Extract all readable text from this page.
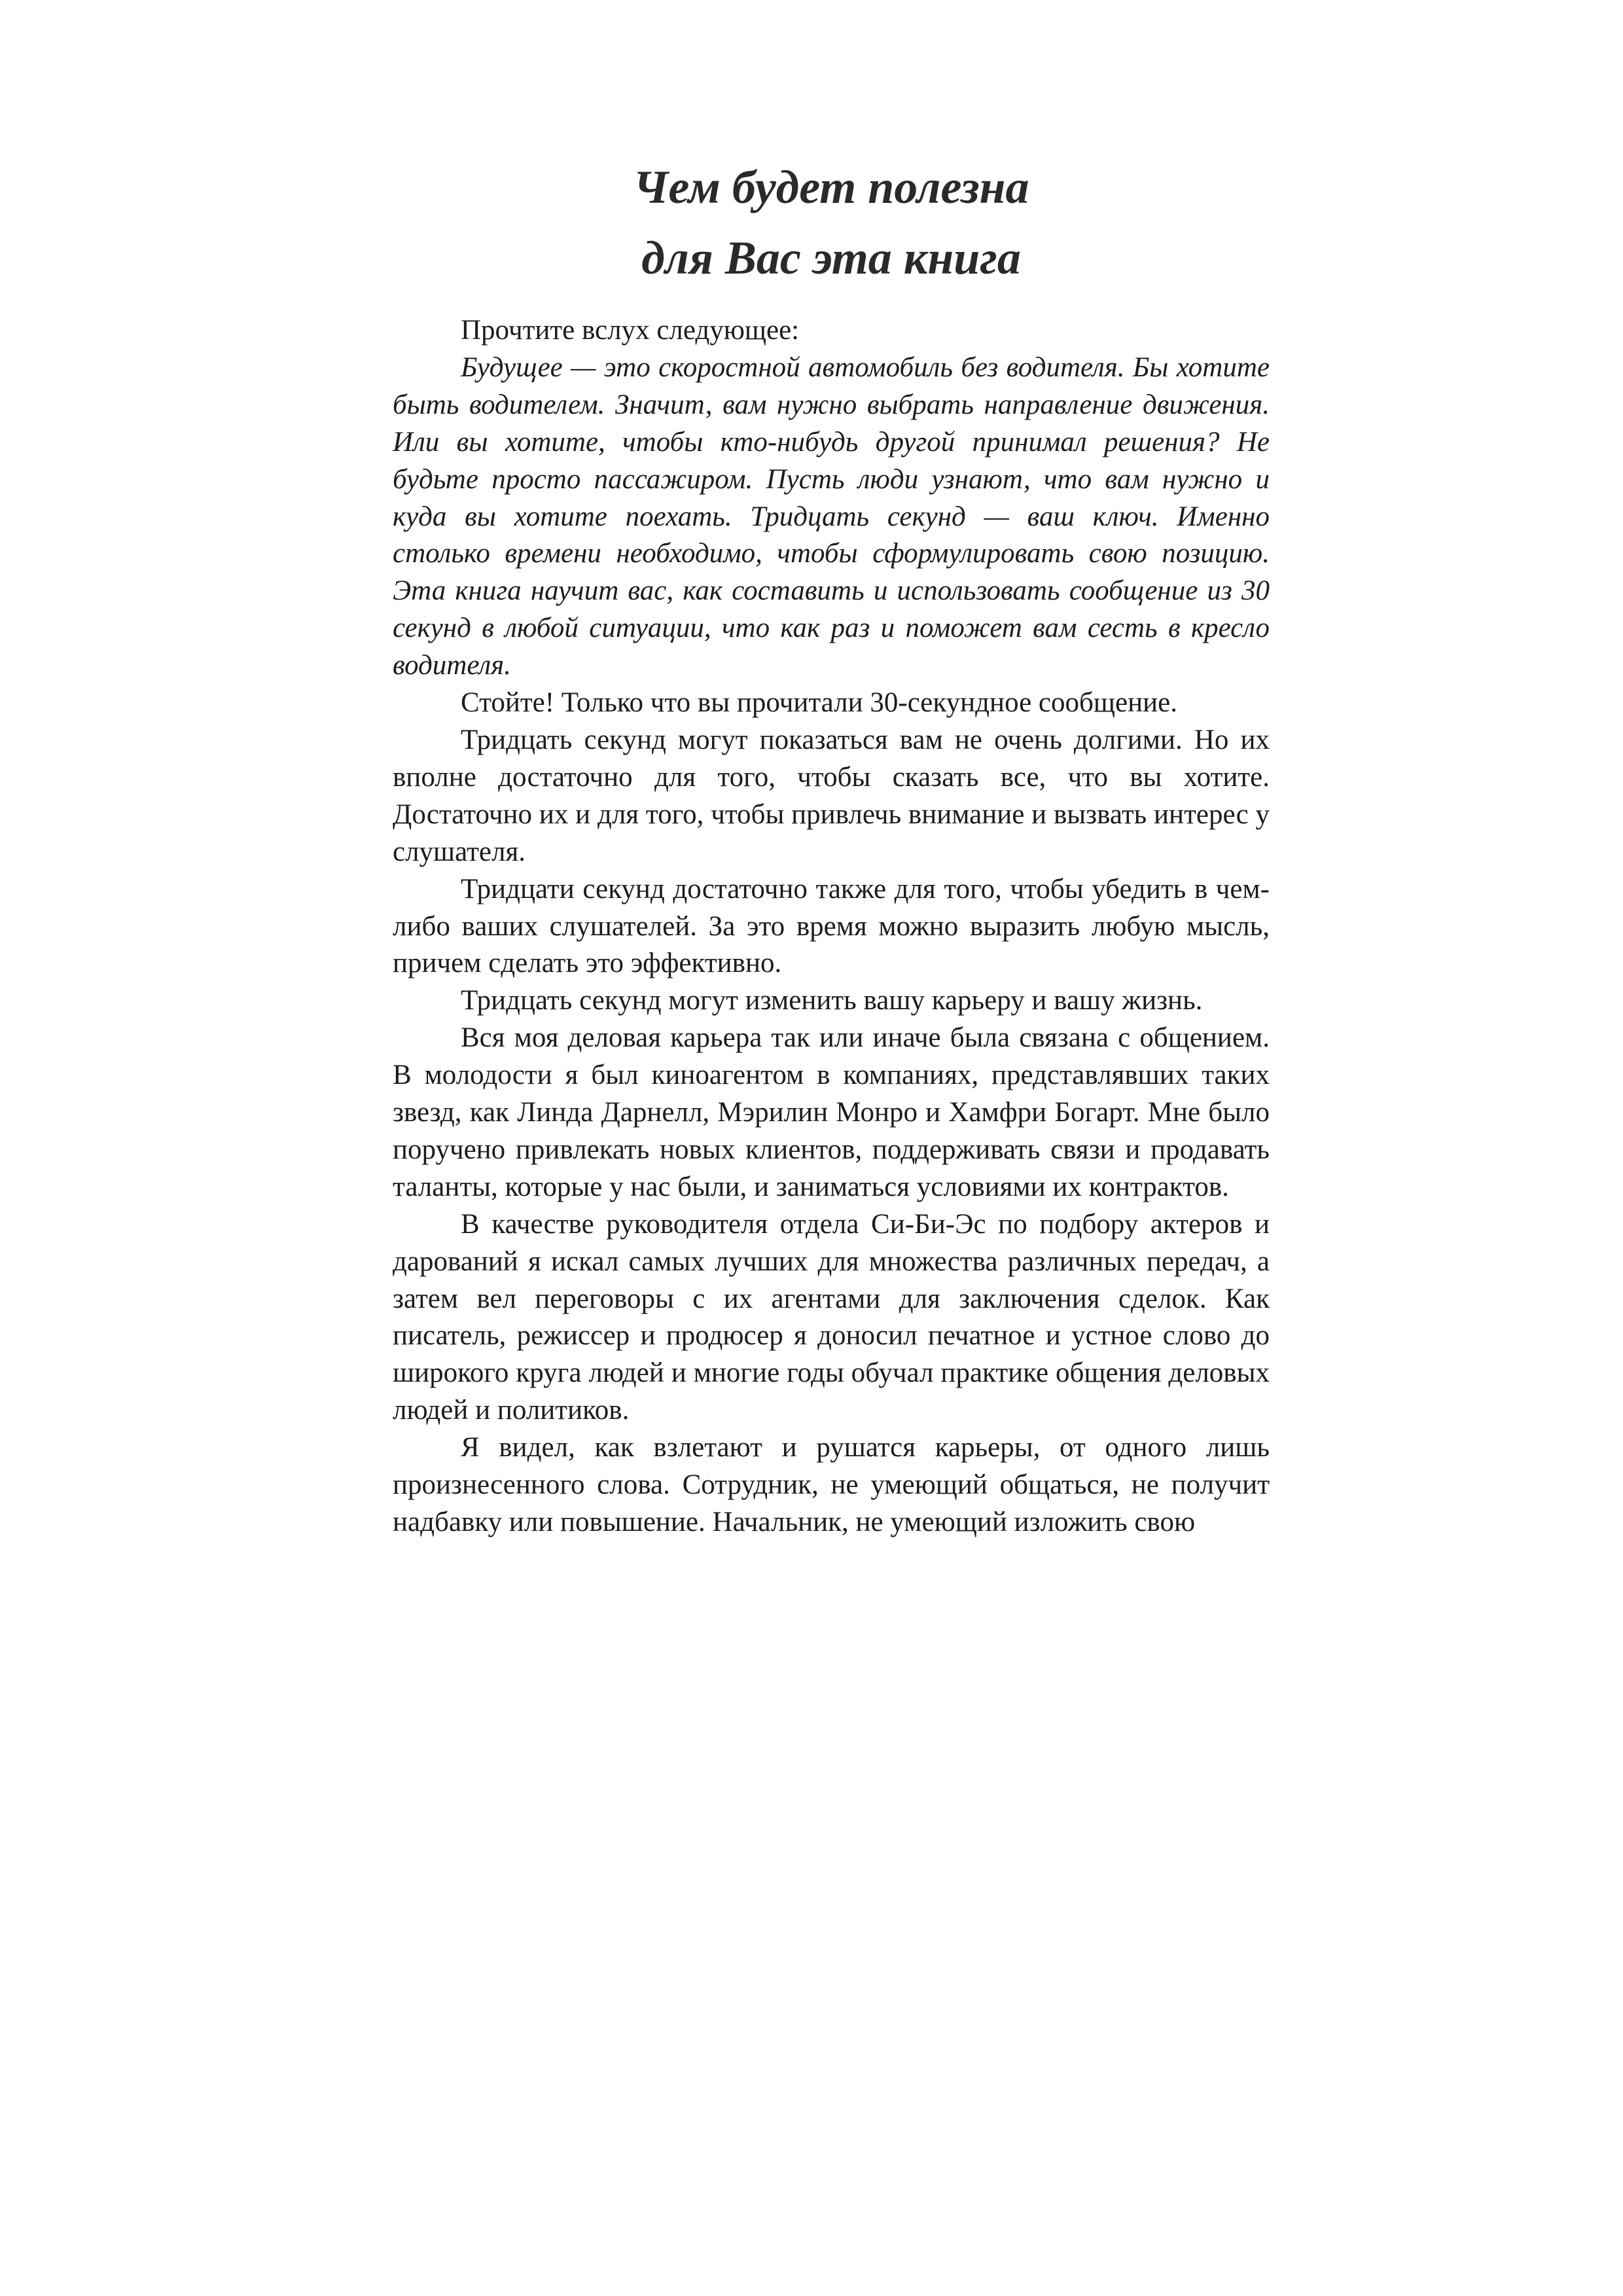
Чем будет полезна
для Вас эта книга

Прочтите вслух следующее:

Будущее — это скоростной автомобиль без водителя. Бы хотите быть водителем. Значит, вам нужно выбрать направление движения. Или вы хотите, чтобы кто-нибудь другой принимал решения? Не будьте просто пассажиром. Пусть люди узнают, что вам нужно и куда вы хотите поехать. Тридцать секунд — ваш ключ. Именно столько времени необходимо, чтобы сформулировать свою позицию. Эта книга научит вас, как составить и использовать сообщение из 30 секунд в любой ситуации, что как раз и поможет вам сесть в кресло водителя.

Стойте! Только что вы прочитали 30-секундное сообщение.

Тридцать секунд могут показаться вам не очень долгими. Но их вполне достаточно для того, чтобы сказать все, что вы хотите. Достаточно их и для того, чтобы привлечь внимание и вызвать интерес у слушателя.

Тридцати секунд достаточно также для того, чтобы убедить в чем-либо ваших слушателей. За это время можно выразить любую мысль, причем сделать это эффективно.

Тридцать секунд могут изменить вашу карьеру и вашу жизнь.

Вся моя деловая карьера так или иначе была связана с общением. В молодости я был киноагентом в компаниях, представлявших таких звезд, как Линда Дарнелл, Мэрилин Монро и Хамфри Богарт. Мне было поручено привлекать новых клиентов, поддерживать связи и продавать таланты, которые у нас были, и заниматься условиями их контрактов.

В качестве руководителя отдела Си-Би-Эс по подбору актеров и дарований я искал самых лучших для множества различных передач, а затем вел переговоры с их агентами для заключения сделок. Как писатель, режиссер и продюсер я доносил печатное и устное слово до широкого круга людей и многие годы обучал практике общения деловых людей и политиков.

Я видел, как взлетают и рушатся карьеры, от одного лишь произнесенного слова. Сотрудник, не умеющий общаться, не получит надбавку или повышение. Начальник, не умеющий изложить свою
